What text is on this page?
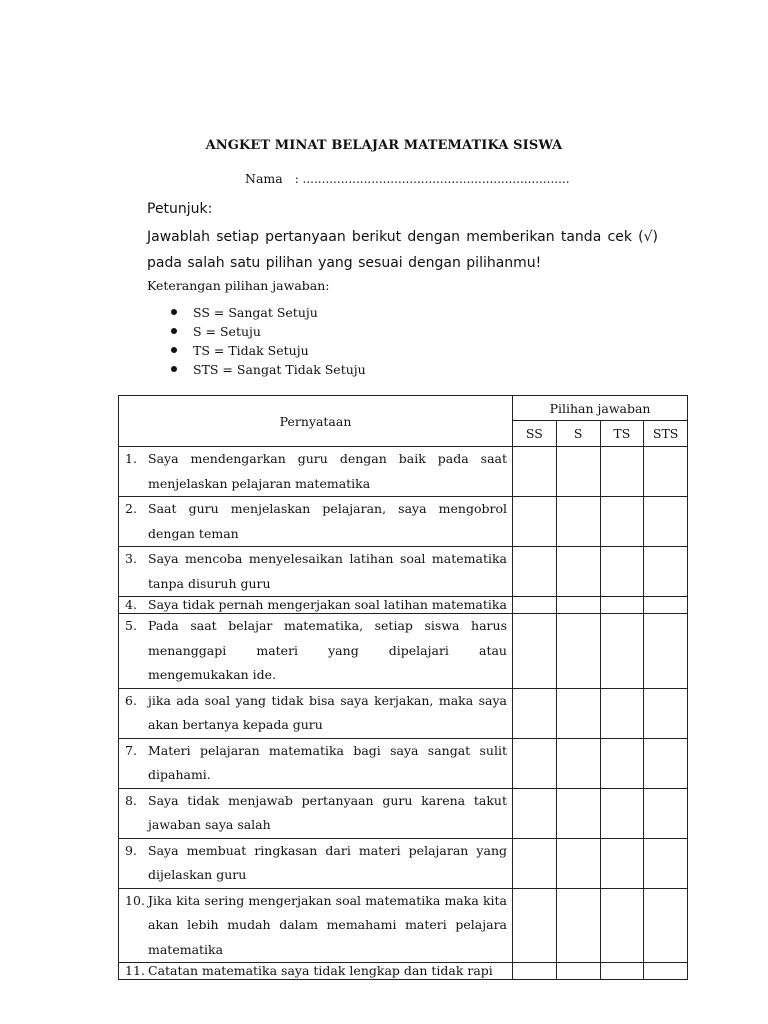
ANGKET MINAT BELAJAR MATEMATIKA SISWA
Nama : ......................................................................
Petunjuk:
Jawablah setiap pertanyaan berikut dengan memberikan tanda cek (√) pada salah satu pilihan yang sesuai dengan pilihanmu!
Keterangan pilihan jawaban:
SS = Sangat Setuju
S = Setuju
TS = Tidak Setuju
STS = Sangat Tidak Setuju
Pernyataan	Pilihan jawaban			
	SS	S	TS	STS

1. Saya mendengarkan guru dengan baik pada saat menjelaskan pelajaran matematika				

2. Saat guru menjelaskan pelajaran, saya mengobrol dengan teman				

3. Saya mencoba menyelesaikan latihan soal matematika tanpa disuruh guru				

4. Saya tidak pernah mengerjakan soal latihan matematika				

5. Pada saat belajar matematika, setiap siswa harus menanggapi materi yang dipelajari atau mengemukakan ide.				

6. jika ada soal yang tidak bisa saya kerjakan, maka saya akan bertanya kepada guru				

7. Materi pelajaran matematika bagi saya sangat sulit dipahami.				

8. Saya tidak menjawab pertanyaan guru karena takut jawaban saya salah				

9. Saya membuat ringkasan dari materi pelajaran yang dijelaskan guru				

10. Jika kita sering mengerjakan soal matematika maka kita akan lebih mudah dalam memahami materi pelajara matematika				

11. Catatan matematika saya tidak lengkap dan tidak rapi				
